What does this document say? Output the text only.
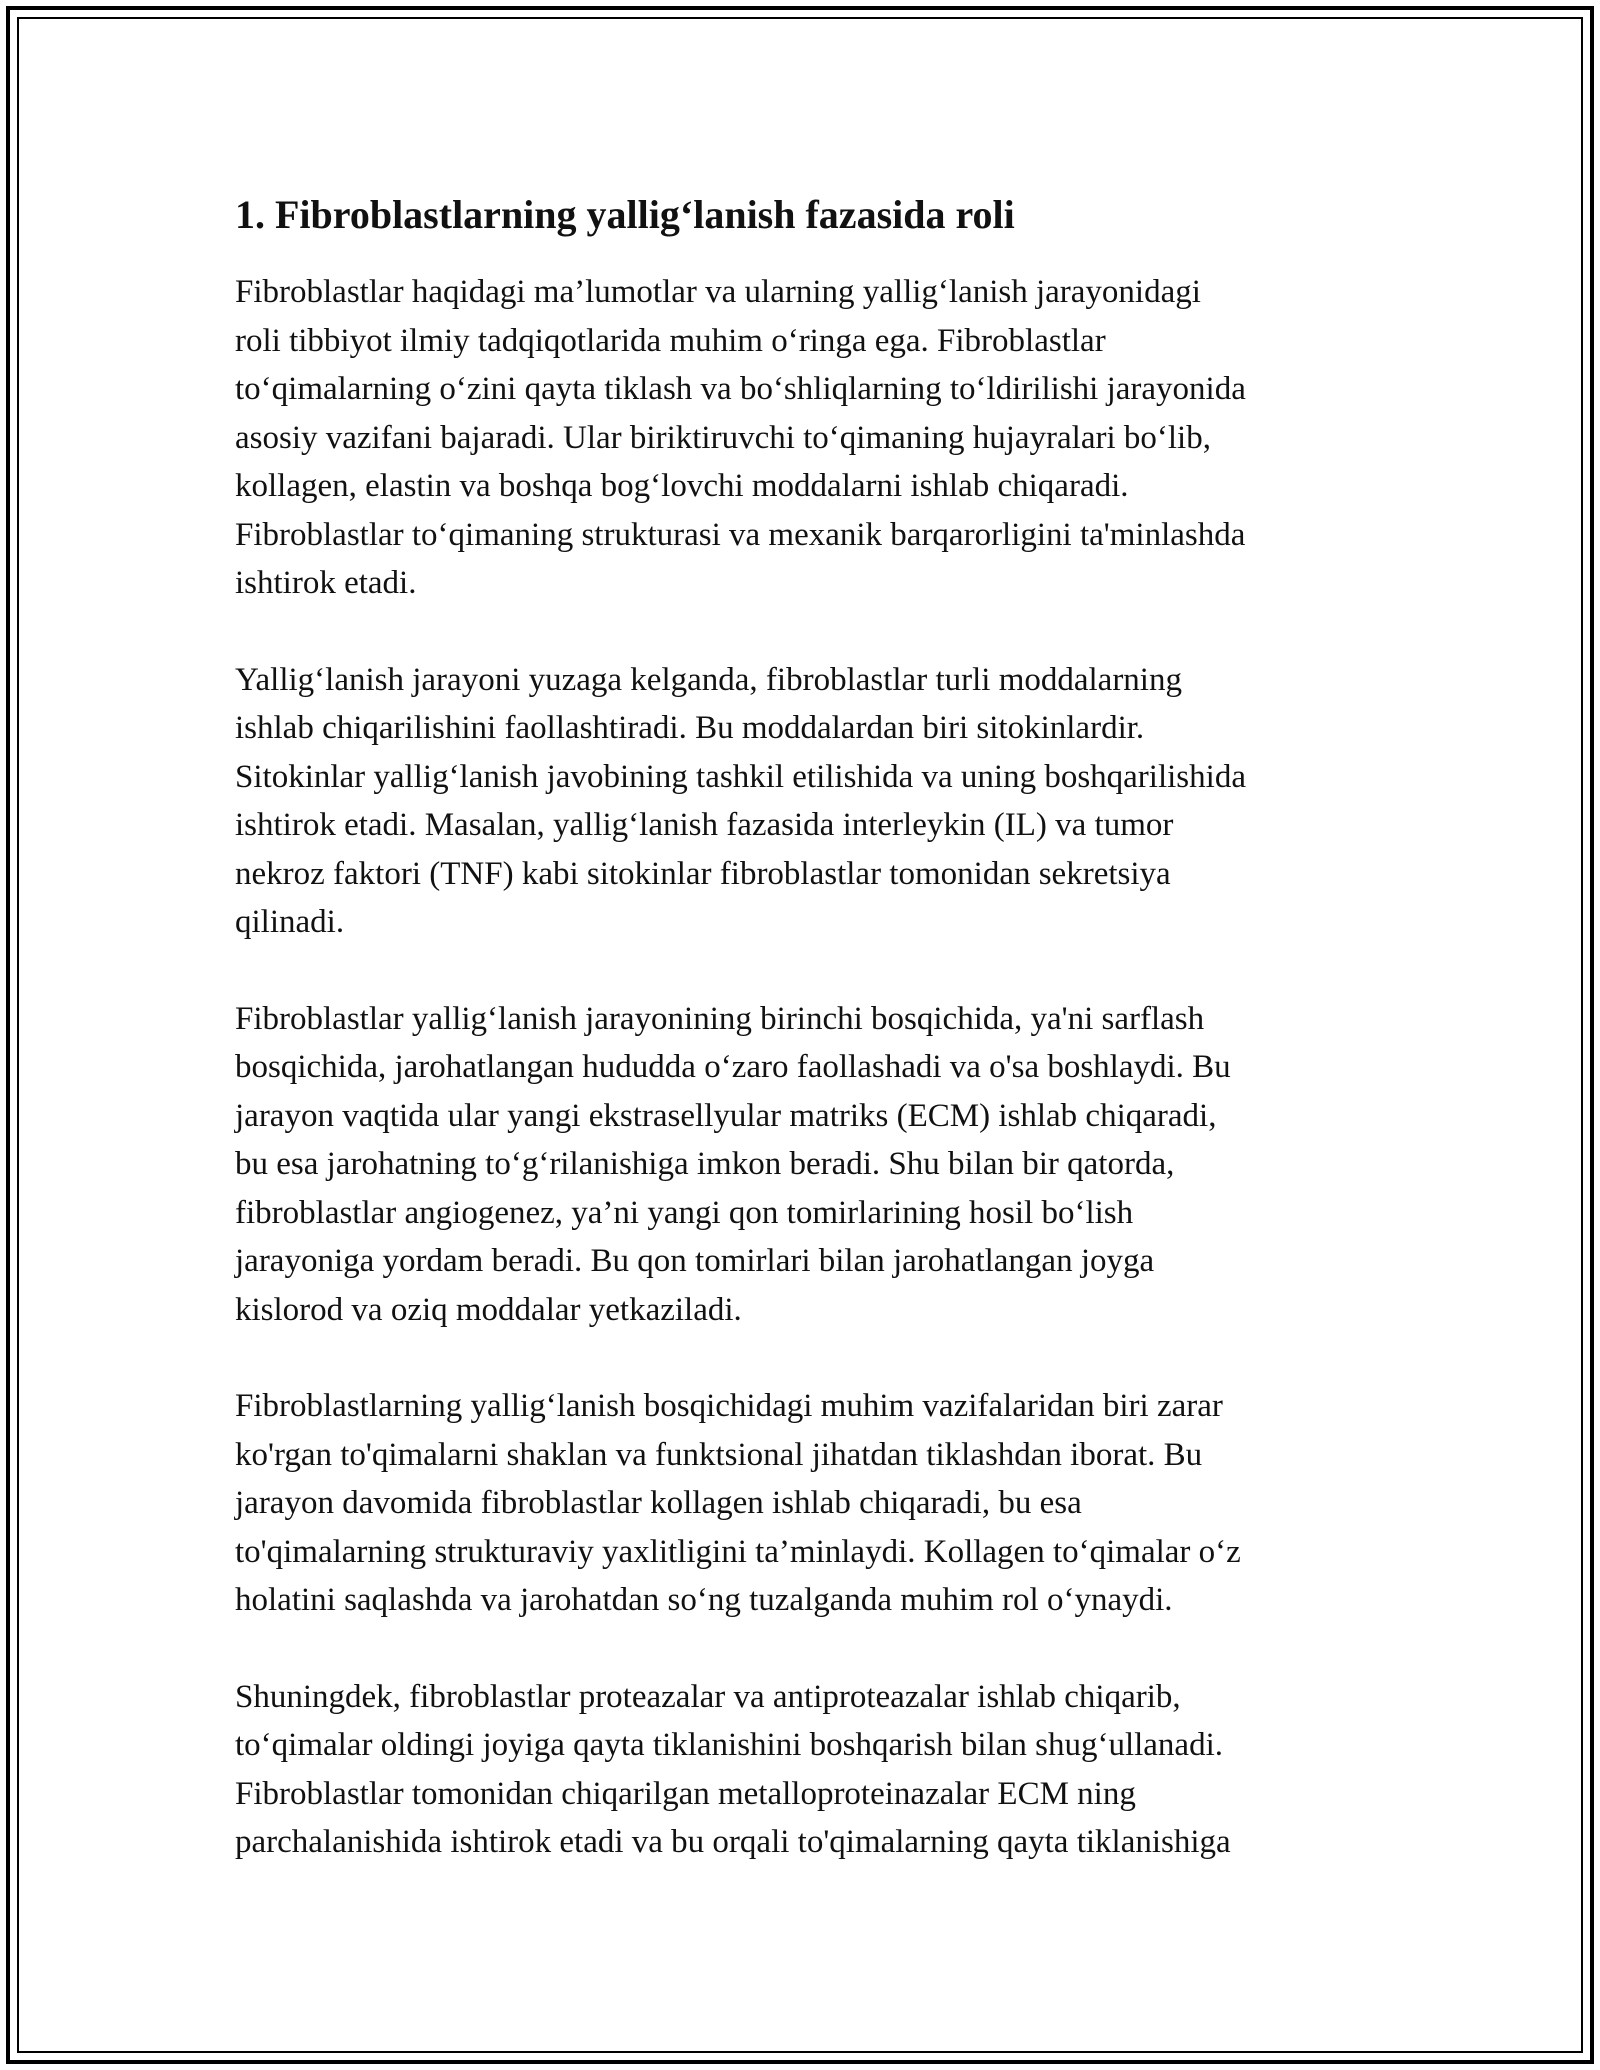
1. Fibroblastlarning yallig‘lanish fazasida roli

Fibroblastlar haqidagi ma’lumotlar va ularning yallig‘lanish jarayonidagi
roli tibbiyot ilmiy tadqiqotlarida muhim o‘ringa ega. Fibroblastlar
to‘qimalarning o‘zini qayta tiklash va bo‘shliqlarning to‘ldirilishi jarayonida
asosiy vazifani bajaradi. Ular biriktiruvchi to‘qimaning hujayralari bo‘lib,
kollagen, elastin va boshqa bog‘lovchi moddalarni ishlab chiqaradi.
Fibroblastlar to‘qimaning strukturasi va mexanik barqarorligini ta'minlashda
ishtirok etadi.

Yallig‘lanish jarayoni yuzaga kelganda, fibroblastlar turli moddalarning
ishlab chiqarilishini faollashtiradi. Bu moddalardan biri sitokinlardir.
Sitokinlar yallig‘lanish javobining tashkil etilishida va uning boshqarilishida
ishtirok etadi. Masalan, yallig‘lanish fazasida interleykin (IL) va tumor
nekroz faktori (TNF) kabi sitokinlar fibroblastlar tomonidan sekretsiya
qilinadi.

Fibroblastlar yallig‘lanish jarayonining birinchi bosqichida, ya'ni sarflash
bosqichida, jarohatlangan hududda o‘zaro faollashadi va o'sa boshlaydi. Bu
jarayon vaqtida ular yangi ekstrasellyular matriks (ECM) ishlab chiqaradi,
bu esa jarohatning to‘g‘rilanishiga imkon beradi. Shu bilan bir qatorda,
fibroblastlar angiogenez, ya’ni yangi qon tomirlarining hosil bo‘lish
jarayoniga yordam beradi. Bu qon tomirlari bilan jarohatlangan joyga
kislorod va oziq moddalar yetkaziladi.

Fibroblastlarning yallig‘lanish bosqichidagi muhim vazifalaridan biri zarar
ko'rgan to'qimalarni shaklan va funktsional jihatdan tiklashdan iborat. Bu
jarayon davomida fibroblastlar kollagen ishlab chiqaradi, bu esa
to'qimalarning strukturaviy yaxlitligini ta’minlaydi. Kollagen to‘qimalar o‘z
holatini saqlashda va jarohatdan so‘ng tuzalganda muhim rol o‘ynaydi.

Shuningdek, fibroblastlar proteazalar va antiproteazalar ishlab chiqarib,
to‘qimalar oldingi joyiga qayta tiklanishini boshqarish bilan shug‘ullanadi.
Fibroblastlar tomonidan chiqarilgan metalloproteinazalar ECM ning
parchalanishida ishtirok etadi va bu orqali to'qimalarning qayta tiklanishiga
